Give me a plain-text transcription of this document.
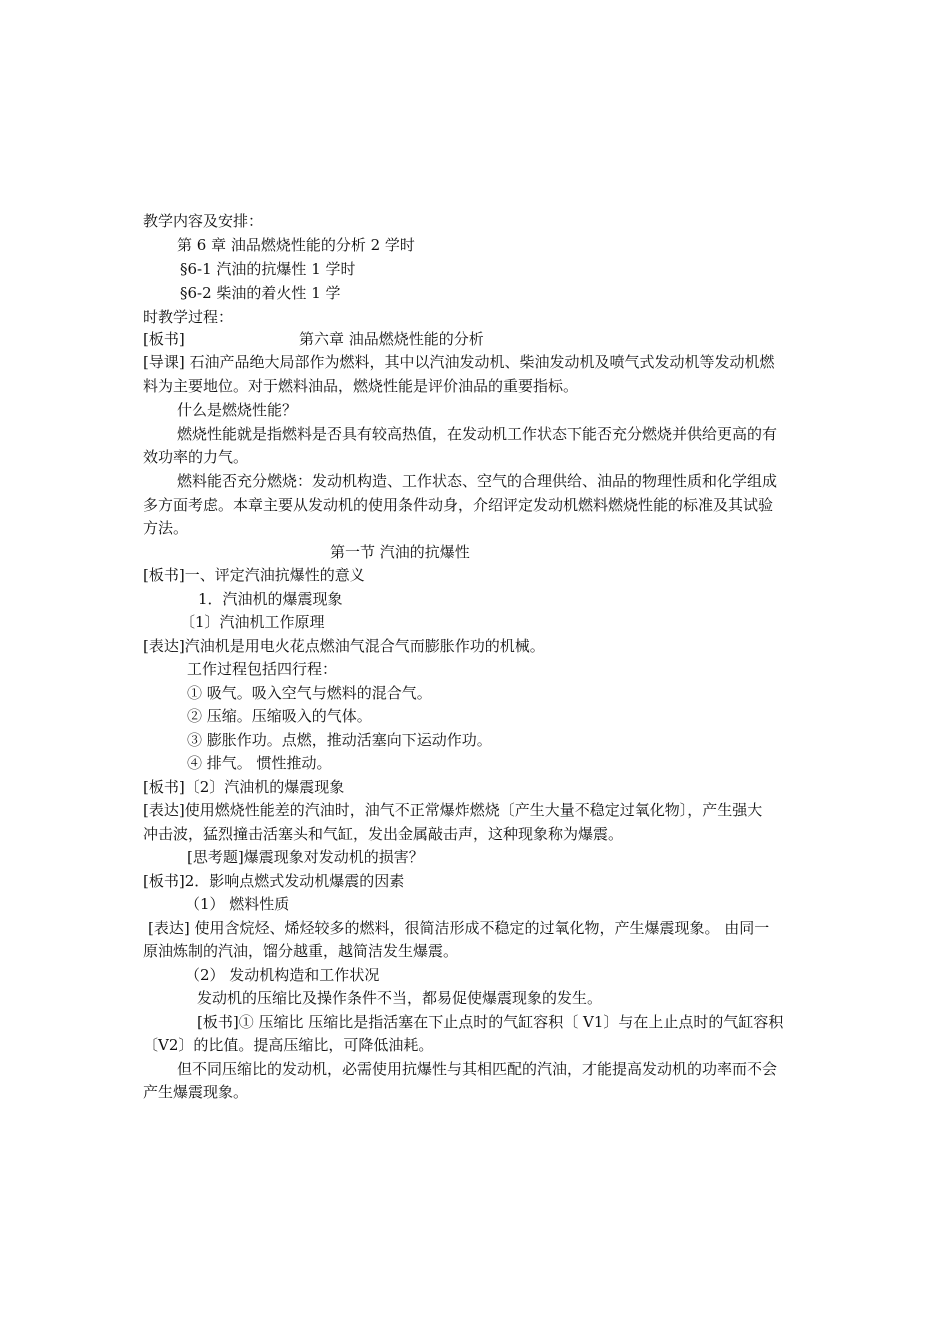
教学内容及安排：
第 6 章 油品燃烧性能的分析 2 学时
§6-1 汽油的抗爆性 1 学时
§6-2 柴油的着火性 1 学
时教学过程：
[板书]	第六章 油品燃烧性能的分析
[导课] 石油产品绝大局部作为燃料，其中以汽油发动机、柴油发动机及喷气式发动机等发动机燃
料为主要地位。对于燃料油品，燃烧性能是评价油品的重要指标。
什么是燃烧性能？
燃烧性能就是指燃料是否具有较高热值，在发动机工作状态下能否充分燃烧并供给更高的有
效功率的力气。
燃料能否充分燃烧：发动机构造、工作状态、空气的合理供给、油品的物理性质和化学组成
多方面考虑。本章主要从发动机的使用条件动身，介绍评定发动机燃料燃烧性能的标准及其试验
方法。
第一节 汽油的抗爆性
[板书]一、评定汽油抗爆性的意义
1．汽油机的爆震现象
〔1〕汽油机工作原理
[表达]汽油机是用电火花点燃油气混合气而膨胀作功的机械。
工作过程包括四行程：
① 吸气。吸入空气与燃料的混合气。
② 压缩。压缩吸入的气体。
③ 膨胀作功。点燃，推动活塞向下运动作功。
④ 排气。 惯性推动。
[板书]〔2〕汽油机的爆震现象
[表达]使用燃烧性能差的汽油时，油气不正常爆炸燃烧〔产生大量不稳定过氧化物〕，产生强大
冲击波，猛烈撞击活塞头和气缸，发出金属敲击声，这种现象称为爆震。
[思考题]爆震现象对发动机的损害？
[板书]2．影响点燃式发动机爆震的因素
（1） 燃料性质
[表达] 使用含烷烃、烯烃较多的燃料，很简洁形成不稳定的过氧化物，产生爆震现象。 由同一
原油炼制的汽油，馏分越重，越简洁发生爆震。
（2） 发动机构造和工作状况
发动机的压缩比及操作条件不当，都易促使爆震现象的发生。
[板书]① 压缩比 压缩比是指活塞在下止点时的气缸容积〔 V1〕与在上止点时的气缸容积
〔V2〕的比值。提高压缩比，可降低油耗。
但不同压缩比的发动机，必需使用抗爆性与其相匹配的汽油，才能提高发动机的功率而不会
产生爆震现象。
